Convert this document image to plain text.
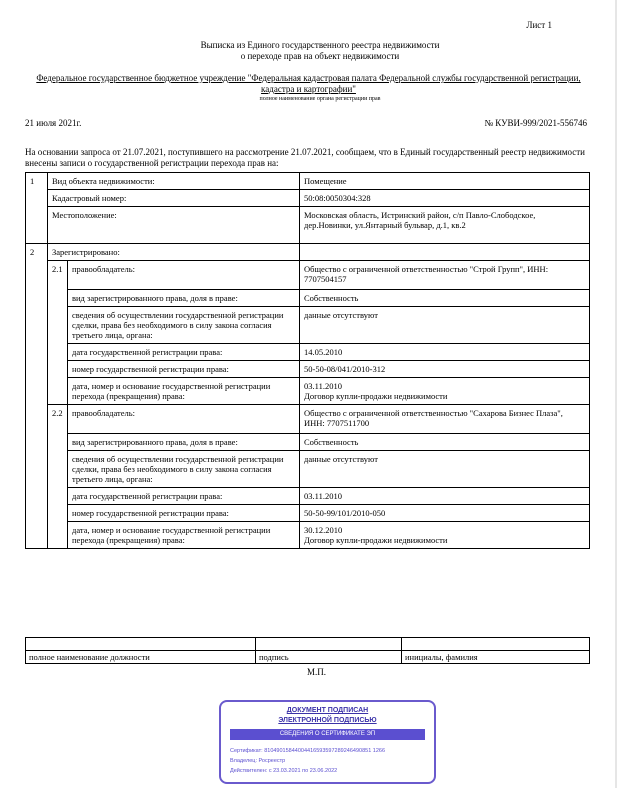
Лист 1
Выписка из Единого государственного реестра недвижимости
о переходе прав на объект недвижимости
Федеральное государственное бюджетное учреждение "Федеральная кадастровая палата Федеральной службы государственной регистрации, кадастра и картографии"
полное наименование органа регистрации прав
21 июля 2021г.	№ КУВИ-999/2021-556746
На основании запроса от 21.07.2021, поступившего на рассмотрение 21.07.2021, сообщаем, что в Единый государственный реестр недвижимости внесены записи о государственной регистрации перехода прав на:
1	Вид объекта недвижимости:		Помещение
	Кадастровый номер:		50:08:0050304:328
	Местоположение:		Московская область, Истринский район, с/п Павло-Слободское, дер.Новинки, ул.Янтарный бульвар, д.1, кв.2
2	Зарегистрировано:		
	2.1	правообладатель:	Общество с ограниченной ответственностью "Строй Групп", ИНН: 7707504157
		вид зарегистрированного права, доля в праве:	Собственность
		сведения об осуществлении государственной регистрации сделки, права без необходимого в силу закона согласия третьего лица, органа:	данные отсутствуют
		дата государственной регистрации права:	14.05.2010
		номер государственной регистрации права:	50-50-08/041/2010-312
		дата, номер и основание государственной регистрации перехода (прекращения) права:	03.11.2010
Договор купли-продажи недвижимости

	2.2	правообладатель:	Общество с ограниченной ответственностью "Сахарова Бизнес Плаза", ИНН: 7707511700
		вид зарегистрированного права, доля в праве:	Собственность
		сведения об осуществлении государственной регистрации сделки, права без необходимого в силу закона согласия третьего лица, органа:	данные отсутствуют
		дата государственной регистрации права:	03.11.2010
		номер государственной регистрации права:	50-50-99/101/2010-050
		дата, номер и основание государственной регистрации перехода (прекращения) права:	30.12.2010
Договор купли-продажи недвижимости

полное наименование должности	подпись	инициалы, фамилия
М.П.
ДОКУМЕНТ ПОДПИСАН
ЭЛЕКТРОННОЙ ПОДПИСЬЮ
СВЕДЕНИЯ О СЕРТИФИКАТЕ ЭП
Сертификат: 81049015844004416593597289246490851 1266
Владелец: Росреестр
Действителен: с 23.03.2021 по 23.06.2022
